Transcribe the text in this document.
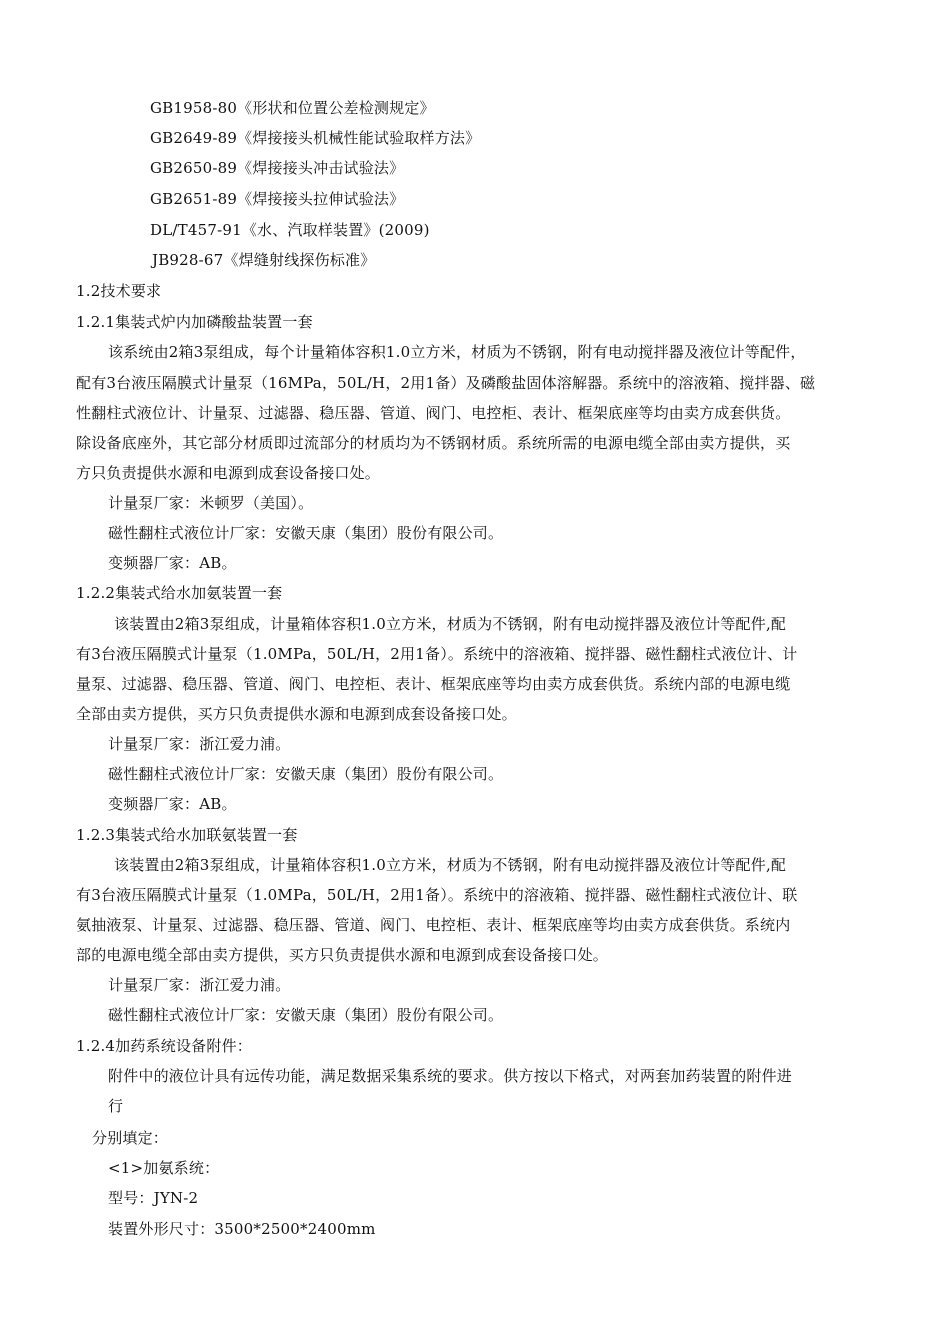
GB1958-80《形状和位置公差检测规定》
GB2649-89《焊接接头机械性能试验取样方法》
GB2650-89《焊接接头冲击试验法》
GB2651-89《焊接接头拉伸试验法》
DL/T457-91《水、汽取样装置》(2009)
JB928-67《焊缝射线探伤标准》
1.2技术要求
1.2.1集装式炉内加磷酸盐装置一套
该系统由2箱3泵组成，每个计量箱体容积1.0立方米，材质为不锈钢，附有电动搅拌器及液位计等配件，
配有3台液压隔膜式计量泵（16MPa，50L/H，2用1备）及磷酸盐固体溶解器。系统中的溶液箱、搅拌器、磁
性翻柱式液位计、计量泵、过滤器、稳压器、管道、阀门、电控柜、表计、框架底座等均由卖方成套供货。
除设备底座外，其它部分材质即过流部分的材质均为不锈钢材质。系统所需的电源电缆全部由卖方提供，买
方只负责提供水源和电源到成套设备接口处。
计量泵厂家：米顿罗（美国）。
磁性翻柱式液位计厂家：安徽天康（集团）股份有限公司。
变频器厂家：AB。
1.2.2集装式给水加氨装置一套
该装置由2箱3泵组成，计量箱体容积1.0立方米，材质为不锈钢，附有电动搅拌器及液位计等配件,配
有3台液压隔膜式计量泵（1.0MPa，50L/H，2用1备）。系统中的溶液箱、搅拌器、磁性翻柱式液位计、计
量泵、过滤器、稳压器、管道、阀门、电控柜、表计、框架底座等均由卖方成套供货。系统内部的电源电缆
全部由卖方提供，买方只负责提供水源和电源到成套设备接口处。
计量泵厂家：浙江爱力浦。
磁性翻柱式液位计厂家：安徽天康（集团）股份有限公司。
变频器厂家：AB。
1.2.3集装式给水加联氨装置一套
该装置由2箱3泵组成，计量箱体容积1.0立方米，材质为不锈钢，附有电动搅拌器及液位计等配件,配
有3台液压隔膜式计量泵（1.0MPa，50L/H，2用1备）。系统中的溶液箱、搅拌器、磁性翻柱式液位计、联
氨抽液泵、计量泵、过滤器、稳压器、管道、阀门、电控柜、表计、框架底座等均由卖方成套供货。系统内
部的电源电缆全部由卖方提供，买方只负责提供水源和电源到成套设备接口处。
计量泵厂家：浙江爱力浦。
磁性翻柱式液位计厂家：安徽天康（集团）股份有限公司。
1.2.4加药系统设备附件：
附件中的液位计具有远传功能，满足数据采集系统的要求。供方按以下格式，对两套加药装置的附件进
行
分别填定：
<1>加氨系统：
型号：JYN-2
装置外形尺寸：3500*2500*2400mm
